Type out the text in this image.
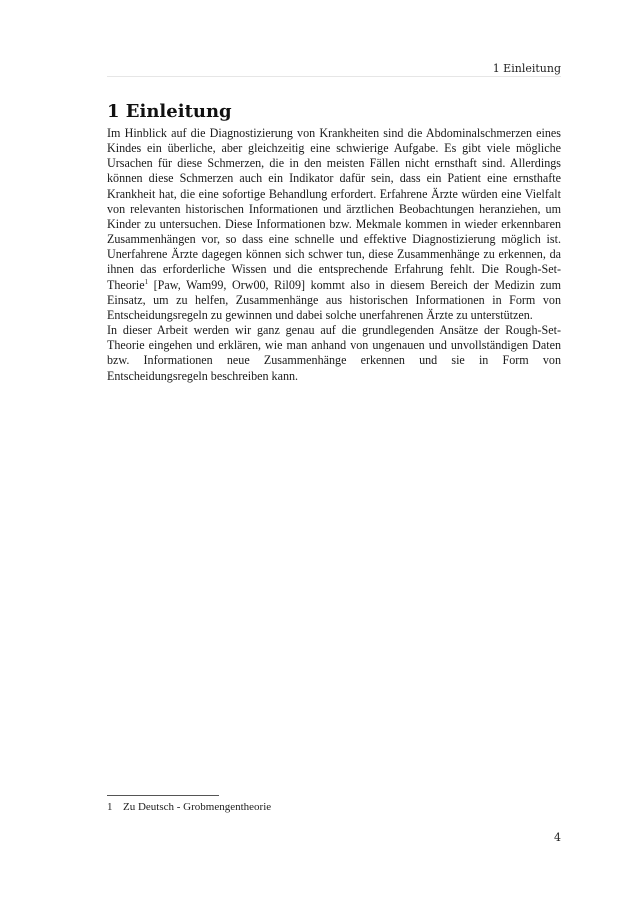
1 Einleitung
1 Einleitung

Im Hinblick auf die Diagnostizierung von Krankheiten sind die Abdominalschmerzen eines Kindes ein überliche, aber gleichzeitig eine schwierige Aufgabe. Es gibt viele mögliche Ursachen für diese Schmerzen, die in den meisten Fällen nicht ernsthaft sind. Allerdings können diese Schmerzen auch ein Indikator dafür sein, dass ein Patient eine ernsthafte Krankheit hat, die eine sofortige Behandlung erfordert. Erfahrene Ärzte würden eine Vielfalt von relevanten historischen Informationen und ärztlichen Beobachtungen heranziehen, um Kinder zu untersuchen. Diese Informationen bzw. Mekmale kommen in wieder erkennbaren Zusammenhängen vor, so dass eine schnelle und effektive Diagnostizierung möglich ist. Unerfahrene Ärzte dagegen können sich schwer tun, diese Zusammenhänge zu erkennen, da ihnen das erforderliche Wissen und die entsprechende Erfahrung fehlt. Die Rough-Set-Theorie$^1$ [Paw, Wam99, Orw00, Ril09] kommt also in diesem Bereich der Medizin zum Einsatz, um zu helfen, Zusammenhänge aus historischen Informationen in Form von Entscheidungsregeln zu gewinnen und dabei solche unerfahrenen Ärzte zu unterstützen.

In dieser Arbeit werden wir ganz genau auf die grundlegenden Ansätze der Rough-Set-Theorie eingehen und erklären, wie man anhand von ungenauen und unvollständigen Daten bzw. Informationen neue Zusammenhänge erkennen und sie in Form von Entscheidungsregeln beschreiben kann.

1 Zu Deutsch - Grobmengentheorie
4
